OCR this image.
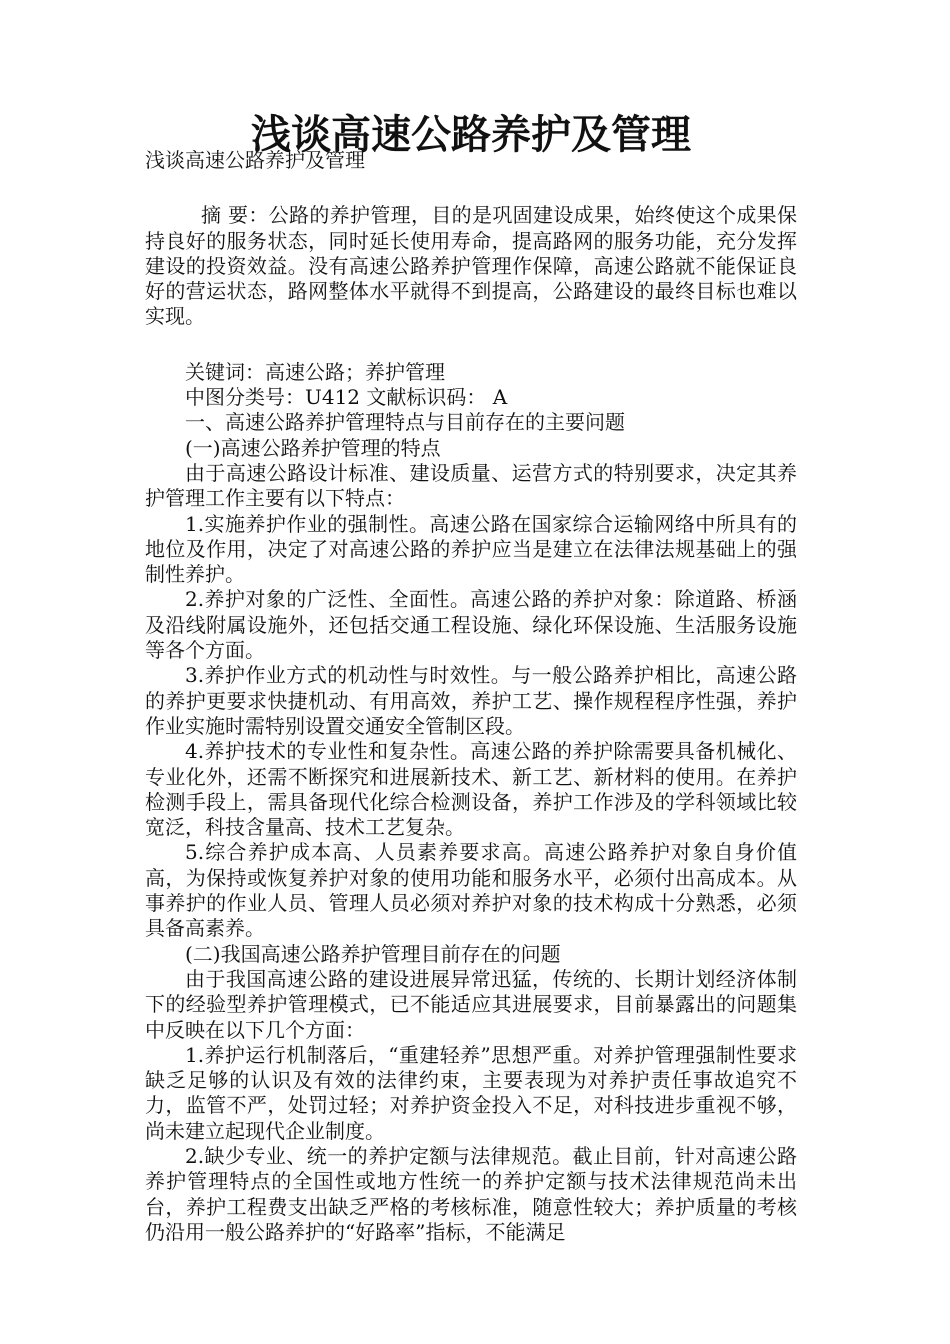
浅谈高速公路养护及管理

浅谈高速公路养护及管理

摘 要：公路的养护管理，目的是巩固建设成果，始终使这个成果保持良好的服务状态，同时延长使用寿命，提高路网的服务功能，充分发挥建设的投资效益。没有高速公路养护管理作保障，高速公路就不能保证良好的营运状态，路网整体水平就得不到提高，公路建设的最终目标也难以实现。

关键词：高速公路；养护管理

中图分类号：U412 文献标识码： A

一、高速公路养护管理特点与目前存在的主要问题

(一)高速公路养护管理的特点

由于高速公路设计标准、建设质量、运营方式的特别要求，决定其养护管理工作主要有以下特点：

1.实施养护作业的强制性。高速公路在国家综合运输网络中所具有的地位及作用，决定了对高速公路的养护应当是建立在法律法规基础上的强制性养护。

2.养护对象的广泛性、全面性。高速公路的养护对象：除道路、桥涵及沿线附属设施外，还包括交通工程设施、绿化环保设施、生活服务设施等各个方面。

3.养护作业方式的机动性与时效性。与一般公路养护相比，高速公路的养护更要求快捷机动、有用高效，养护工艺、操作规程程序性强，养护作业实施时需特别设置交通安全管制区段。

4.养护技术的专业性和复杂性。高速公路的养护除需要具备机械化、专业化外，还需不断探究和进展新技术、新工艺、新材料的使用。在养护检测手段上，需具备现代化综合检测设备，养护工作涉及的学科领域比较宽泛，科技含量高、技术工艺复杂。

5.综合养护成本高、人员素养要求高。高速公路养护对象自身价值高，为保持或恢复养护对象的使用功能和服务水平，必须付出高成本。从事养护的作业人员、管理人员必须对养护对象的技术构成十分熟悉，必须具备高素养。

(二)我国高速公路养护管理目前存在的问题

由于我国高速公路的建设进展异常迅猛，传统的、长期计划经济体制下的经验型养护管理模式，已不能适应其进展要求，目前暴露出的问题集中反映在以下几个方面：

1.养护运行机制落后，“重建轻养”思想严重。对养护管理强制性要求缺乏足够的认识及有效的法律约束，主要表现为对养护责任事故追究不力，监管不严，处罚过轻；对养护资金投入不足，对科技进步重视不够，尚未建立起现代企业制度。

2.缺少专业、统一的养护定额与法律规范。截止目前，针对高速公路养护管理特点的全国性或地方性统一的养护定额与技术法律规范尚未出台，养护工程费支出缺乏严格的考核标准，随意性较大；养护质量的考核仍沿用一般公路养护的“好路率”指标，不能满足
